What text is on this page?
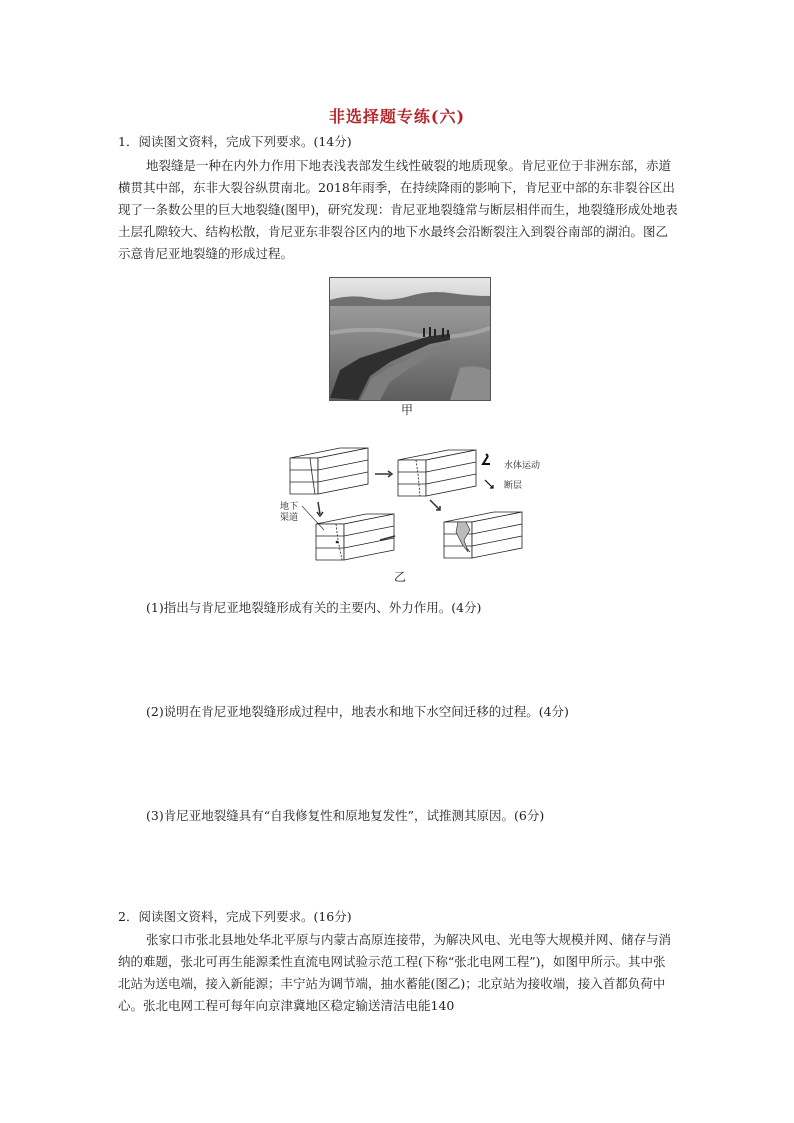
非选择题专练(六)

1．阅读图文资料，完成下列要求。(14分)

地裂缝是一种在内外力作用下地表浅表部发生线性破裂的地质现象。肯尼亚位于非洲东部，赤道横贯其中部，东非大裂谷纵贯南北。2018年雨季，在持续降雨的影响下，肯尼亚中部的东非裂谷区出现了一条数公里的巨大地裂缝(图甲)，研究发现：肯尼亚地裂缝常与断层相伴而生，地裂缝形成处地表土层孔隙较大、结构松散，肯尼亚东非裂谷区内的地下水最终会沿断裂注入到裂谷南部的湖泊。图乙示意肯尼亚地裂缝的形成过程。

甲
水体运动
断层
地下渠道
乙
(1)指出与肯尼亚地裂缝形成有关的主要内、外力作用。(4分)
(2)说明在肯尼亚地裂缝形成过程中，地表水和地下水空间迁移的过程。(4分)
(3)肯尼亚地裂缝具有“自我修复性和原地复发性”，试推测其原因。(6分)

2．阅读图文资料，完成下列要求。(16分)

张家口市张北县地处华北平原与内蒙古高原连接带，为解决风电、光电等大规模并网、储存与消纳的难题，张北可再生能源柔性直流电网试验示范工程(下称“张北电网工程”)，如图甲所示。其中张北站为送电端，接入新能源；丰宁站为调节端，抽水蓄能(图乙)；北京站为接收端，接入首都负荷中心。张北电网工程可每年向京津冀地区稳定输送清洁电能140
